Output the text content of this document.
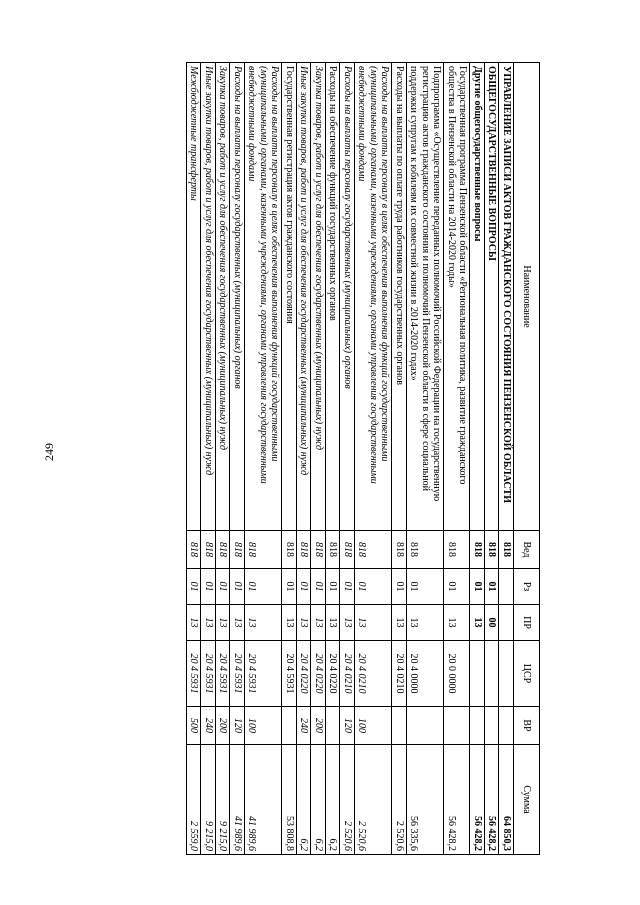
249
Наименование	Вед	Рз	ПР	ЦСР	ВР	Сумма
УПРАВЛЕНИЕ ЗАПИСИ АКТОВ ГРАЖДАНСКОГО СОСТОЯНИЯ ПЕНЗЕНСКОЙ ОБЛАСТИ	818					64 850,3
ОБЩЕГОСУДАРСТВЕННЫЕ ВОПРОСЫ	818	01	00			56 428,2
Другие общегосударственные вопросы	818	01	13			56 428,2
Государственная программа Пензенской области «Региональная политика, развитие гражданского общества в Пензенской области на 2014-2020 годы»	818	01	13	20 0 0000		56 428,2
Подпрограмма «Осуществление переданных полномочий Российской Федерации на государственную регистрацию актов гражданского состояния и полномочий Пензенской области в сфере социальной поддержки супругам к юбилеям их совместной жизни в 2014-2020 годах»	818	01	13	20 4 0000		56 335,6
Расходы на выплаты по оплате труда работников государственных органов	818	01	13	20 4 0210		2 520,6
Расходы на выплаты персоналу в целях обеспечения выполнения функций государственными (муниципальными) органами, казенными учреждениями, органами управления государственными внебюджетными фондами	818	01	13	20 4 0210	100	2 520,6
Расходы на выплаты персоналу государственных (муниципальных) органов	818	01	13	20 4 0210	120	2 520,6
Расходы на обеспечение функций государственных органов	818	01	13	20 4 0220		6,2
Закупка товаров, работ и услуг для обеспечения государственных (муниципальных) нужд	818	01	13	20 4 0220	200	6,2
Иные закупки товаров, работ и услуг для обеспечения государственных (муниципальных) нужд	818	01	13	20 4 0220	240	6,2
Государственная регистрация актов гражданского состояния	818	01	13	20 4 5931		53 808,8
Расходы на выплаты персоналу в целях обеспечения выполнения функций государственными (муниципальными) органами, казенными учреждениями, органами управления государственными внебюджетными фондами	818	01	13	20 4 5931	100	41 989,6
Расходы на выплаты персоналу государственных (муниципальных) органов	818	01	13	20 4 5931	120	41 989,6
Закупка товаров, работ и услуг для обеспечения государственных (муниципальных) нужд	818	01	13	20 4 5931	200	9 215,0
Иные закупки товаров, работ и услуг для обеспечения государственных (муниципальных) нужд	818	01	13	20 4 5931	240	9 215,0
Межбюджетные трансферты	818	01	13	20 4 5931	500	2 559,0
